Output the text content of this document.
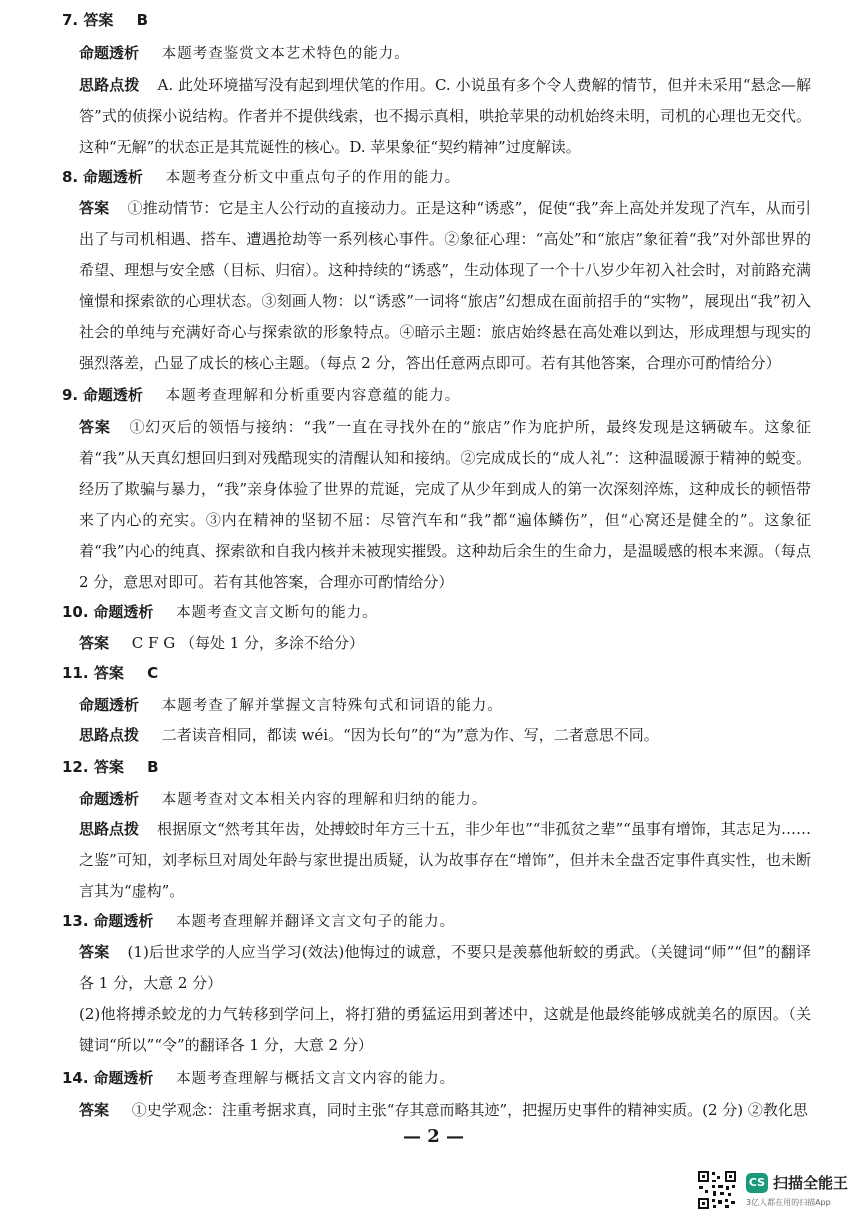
7. 答案 B
命题透析 本题考查鉴赏文本艺术特色的能力。
思路点拨 A. 此处环境描写没有起到埋伏笔的作用。C. 小说虽有多个令人费解的情节，但并未采用“悬念—解答”式的侦探小说结构。作者并不提供线索，也不揭示真相，哄抢苹果的动机始终未明，司机的心理也无交代。这种“无解”的状态正是其荒诞性的核心。D. 苹果象征“契约精神”过度解读。
8. 命题透析 本题考查分析文中重点句子的作用的能力。
答案 ①推动情节：它是主人公行动的直接动力。正是这种“诱惑”，促使“我”奔上高处并发现了汽车，从而引出了与司机相遇、搭车、遭遇抢劫等一系列核心事件。②象征心理：“高处”和“旅店”象征着“我”对外部世界的希望、理想与安全感（目标、归宿）。这种持续的“诱惑”，生动体现了一个十八岁少年初入社会时，对前路充满憧憬和探索欲的心理状态。③刻画人物：以“诱惑”一词将“旅店”幻想成在面前招手的“实物”，展现出“我”初入社会的单纯与充满好奇心与探索欲的形象特点。④暗示主题：旅店始终悬在高处难以到达，形成理想与现实的强烈落差，凸显了成长的核心主题。（每点 2 分，答出任意两点即可。若有其他答案，合理亦可酌情给分）
9. 命题透析 本题考查理解和分析重要内容意蕴的能力。
答案 ①幻灭后的领悟与接纳：“我”一直在寻找外在的“旅店”作为庇护所，最终发现是这辆破车。这象征着“我”从天真幻想回归到对残酷现实的清醒认知和接纳。②完成成长的“成人礼”：这种温暖源于精神的蜕变。经历了欺骗与暴力，“我”亲身体验了世界的荒诞，完成了从少年到成人的第一次深刻淬炼，这种成长的顿悟带来了内心的充实。③内在精神的坚韧不屈：尽管汽车和“我”都“遍体鳞伤”，但“心窝还是健全的”。这象征着“我”内心的纯真、探索欲和自我内核并未被现实摧毁。这种劫后余生的生命力，是温暖感的根本来源。（每点 2 分，意思对即可。若有其他答案，合理亦可酌情给分）
10. 命题透析 本题考查文言文断句的能力。
答案 C F G （每处 1 分，多涂不给分）
11. 答案 C
命题透析 本题考查了解并掌握文言特殊句式和词语的能力。
思路点拨 二者读音相同，都读 wéi。“因为长句”的“为”意为作、写，二者意思不同。
12. 答案 B
命题透析 本题考查对文本相关内容的理解和归纳的能力。
思路点拨 根据原文“然考其年齿，处搏蛟时年方三十五，非少年也”“非孤贫之辈”“虽事有增饰，其志足为……之鉴”可知，刘孝标旦对周处年龄与家世提出质疑，认为故事存在“增饰”，但并未全盘否定事件真实性，也未断言其为“虚构”。
13. 命题透析 本题考查理解并翻译文言文句子的能力。
答案 (1)后世求学的人应当学习(效法)他悔过的诚意，不要只是羡慕他斩蛟的勇武。（关键词“师”“但”的翻译各 1 分，大意 2 分）
(2)他将搏杀蛟龙的力气转移到学问上，将打猎的勇猛运用到著述中，这就是他最终能够成就美名的原因。（关键词“所以”“令”的翻译各 1 分，大意 2 分）
14. 命题透析 本题考查理解与概括文言文内容的能力。
答案 ①史学观念：注重考据求真，同时主张“存其意而略其迹”，把握历史事件的精神实质。(2 分) ②教化思
— 2 —
CS 扫描全能王
3亿人都在用的扫描App
